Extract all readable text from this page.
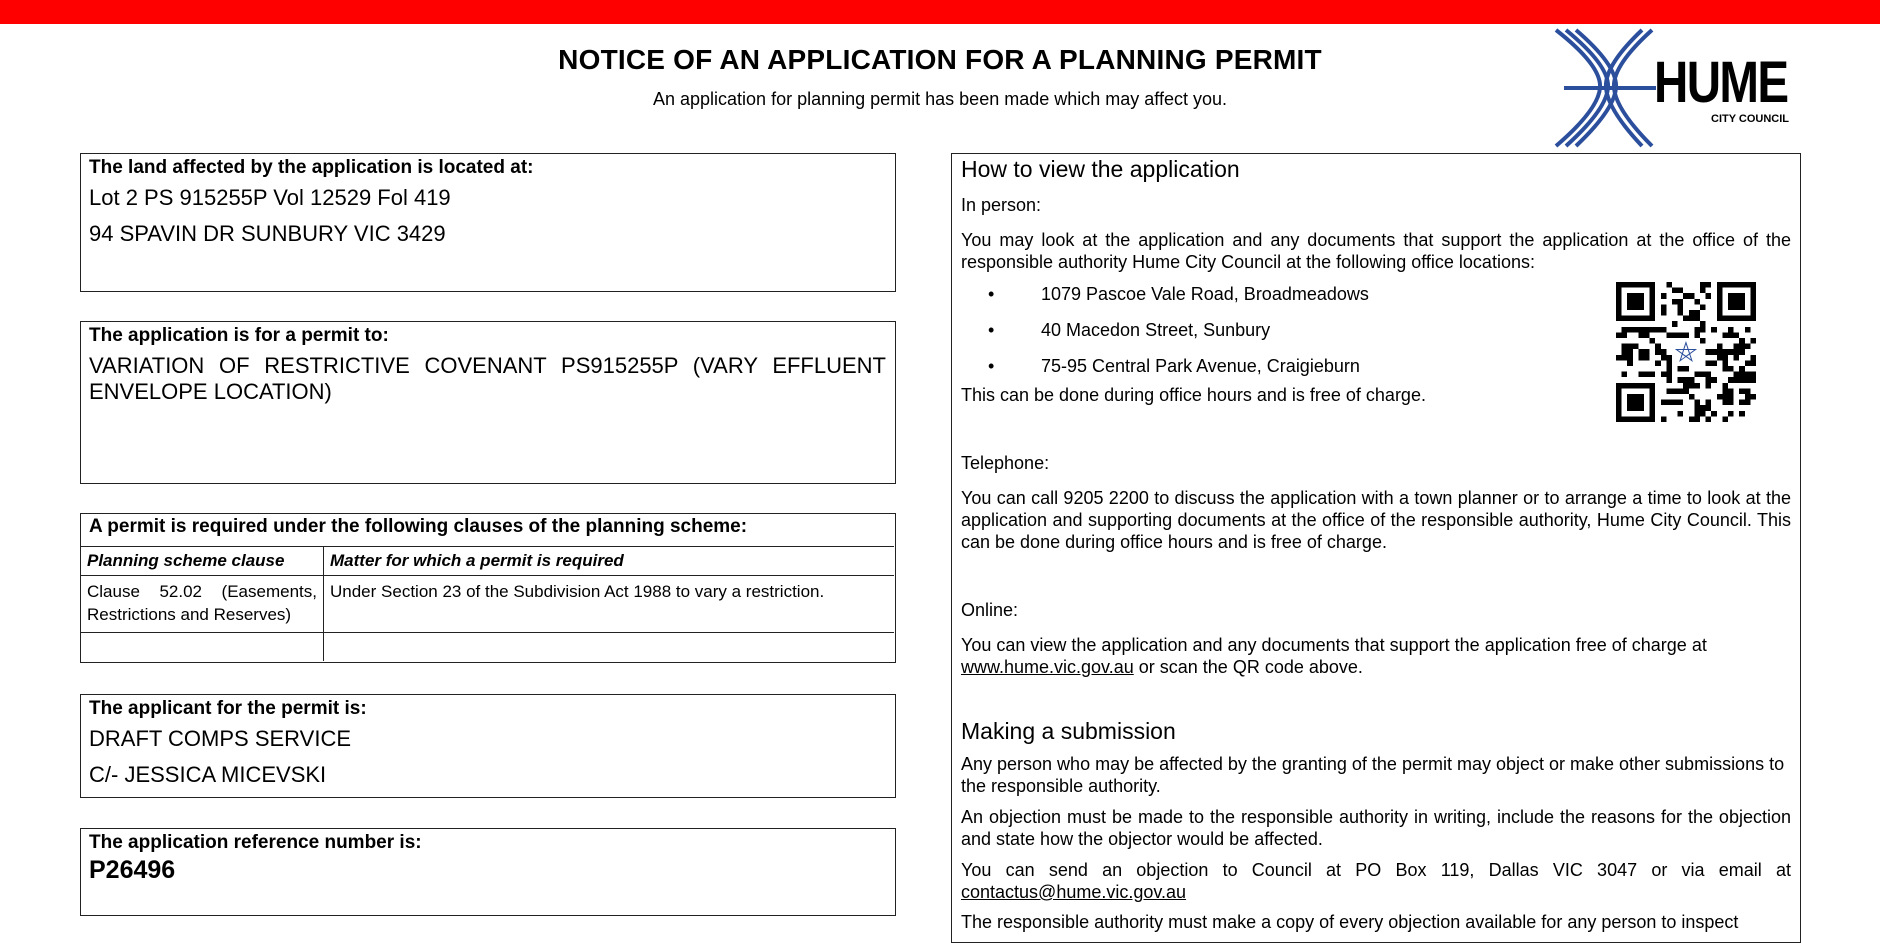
NOTICE OF AN APPLICATION FOR A PLANNING PERMIT
An application for planning permit has been made which may affect you.	HUME
CITY COUNCIL
The land affected by the application is located at:
Lot 2 PS 915255P Vol 12529 Fol 419
94 SPAVIN DR SUNBURY VIC 3429
The application is for a permit to:
VARIATION OF RESTRICTIVE COVENANT PS915255P (VARY EFFLUENT ENVELOPE LOCATION)
A permit is required under the following clauses of the planning scheme:
Planning scheme clause	Matter for which a permit is required
Clause 52.02 (Easements, Restrictions and Reserves)	Under Section 23 of the Subdivision Act 1988 to vary a restriction.

The applicant for the permit is:
DRAFT COMPS SERVICE
C/- JESSICA MICEVSKI
The application reference number is:
P26496
How to view the application
In person:
You may look at the application and any documents that support the application at the office of the responsible authority Hume City Council at the following office locations:
• 1079 Pascoe Vale Road, Broadmeadows
• 40 Macedon Street, Sunbury
• 75-95 Central Park Avenue, Craigieburn
This can be done during office hours and is free of charge.
⛤
Telephone:
You can call 9205 2200 to discuss the application with a town planner or to arrange a time to look at the application and supporting documents at the office of the responsible authority, Hume City Council. This can be done during office hours and is free of charge.
Online:
You can view the application and any documents that support the application free of charge at
www.hume.vic.gov.au or scan the QR code above.
Making a submission
Any person who may be affected by the granting of the permit may object or make other submissions to the responsible authority.
An objection must be made to the responsible authority in writing, include the reasons for the objection and state how the objector would be affected.
You can send an objection to Council at PO Box 119, Dallas VIC 3047 or via email at contactus@hume.vic.gov.au
The responsible authority must make a copy of every objection available for any person to inspect
